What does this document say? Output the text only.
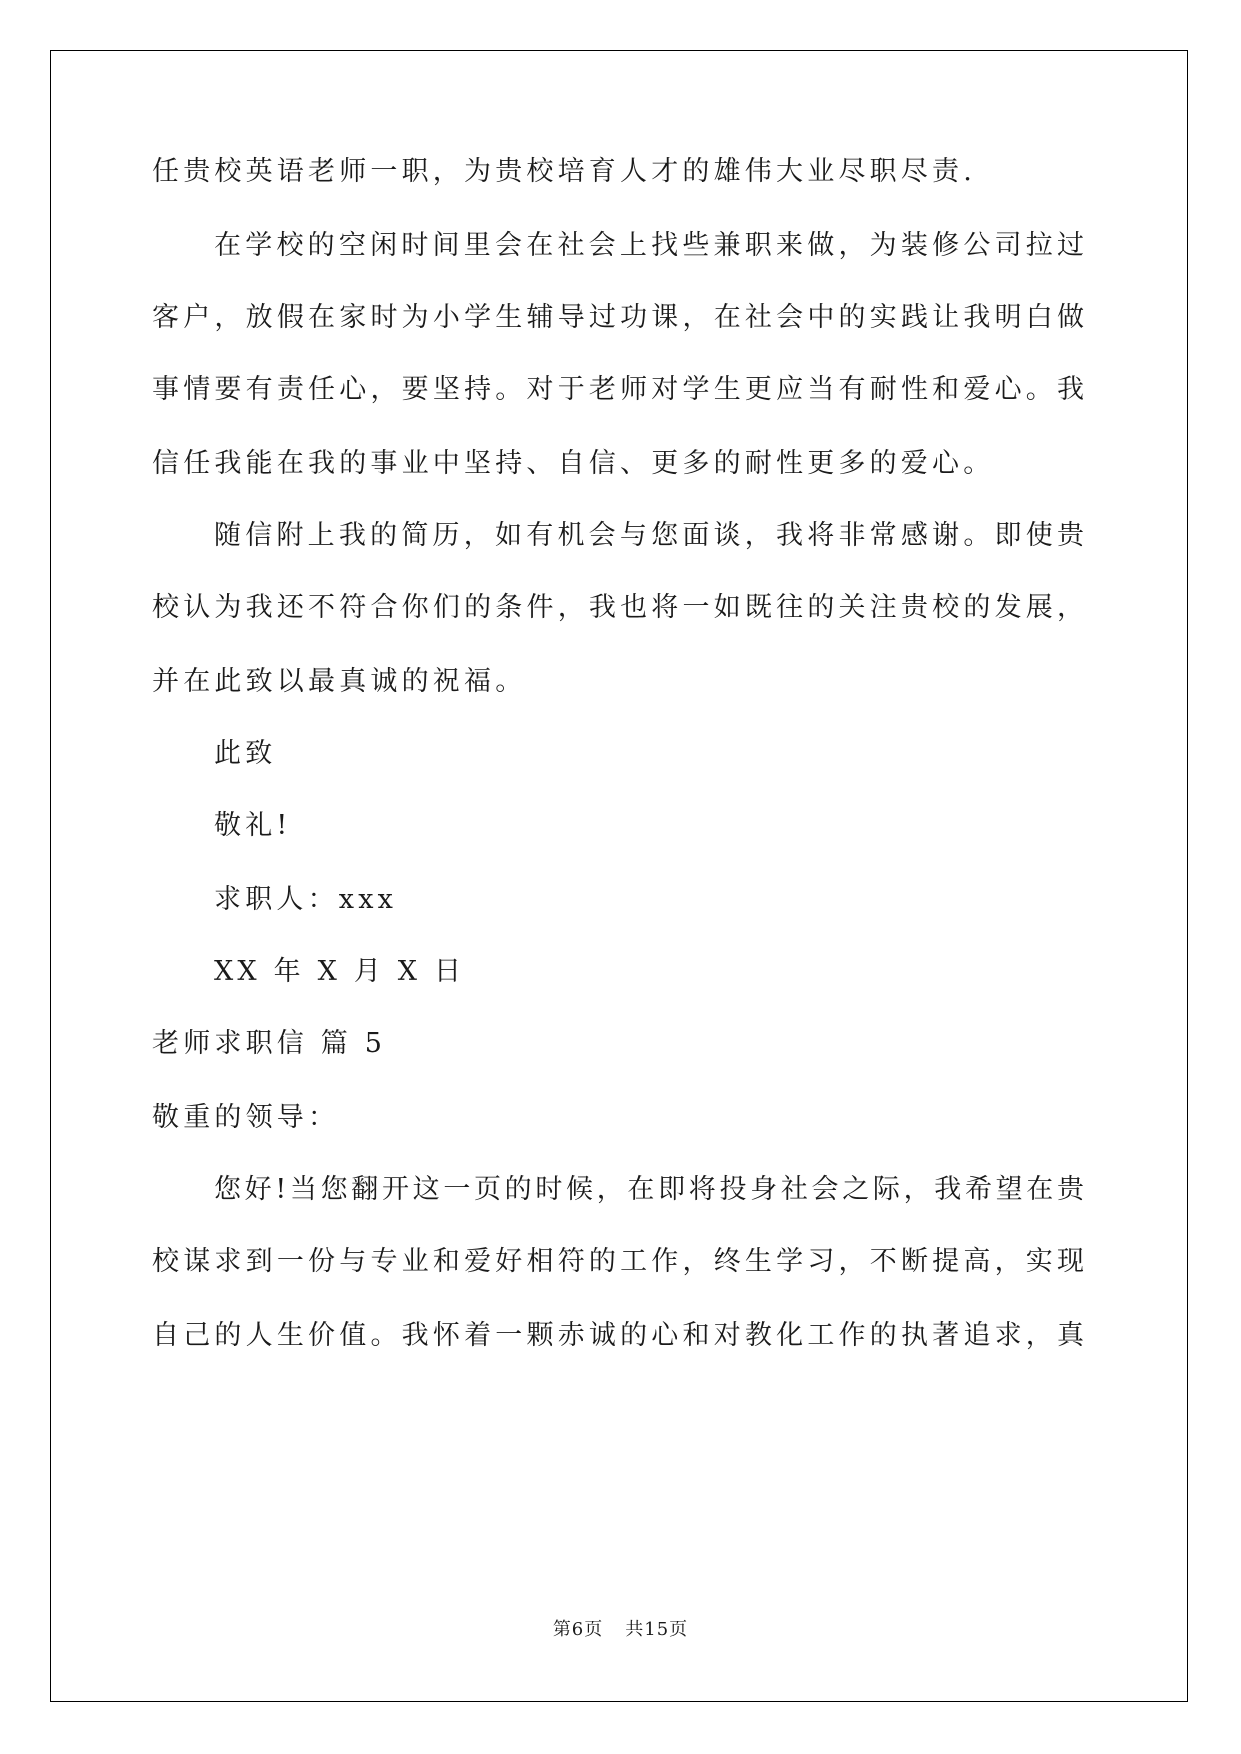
任贵校英语老师一职，为贵校培育人才的雄伟大业尽职尽责.
在学校的空闲时间里会在社会上找些兼职来做，为装修公司拉过
客户，放假在家时为小学生辅导过功课，在社会中的实践让我明白做
事情要有责任心，要坚持。对于老师对学生更应当有耐性和爱心。我
信任我能在我的事业中坚持、自信、更多的耐性更多的爱心。
随信附上我的简历，如有机会与您面谈，我将非常感谢。即使贵
校认为我还不符合你们的条件，我也将一如既往的关注贵校的发展，
并在此致以最真诚的祝福。
此致
敬礼!
求职人：xxx
XX 年 X 月 X 日
老师求职信 篇 5
敬重的领导：
您好!当您翻开这一页的时候，在即将投身社会之际，我希望在贵
校谋求到一份与专业和爱好相符的工作，终生学习，不断提高，实现
自己的人生价值。我怀着一颗赤诚的心和对教化工作的执著追求，真
第6页 共15页
